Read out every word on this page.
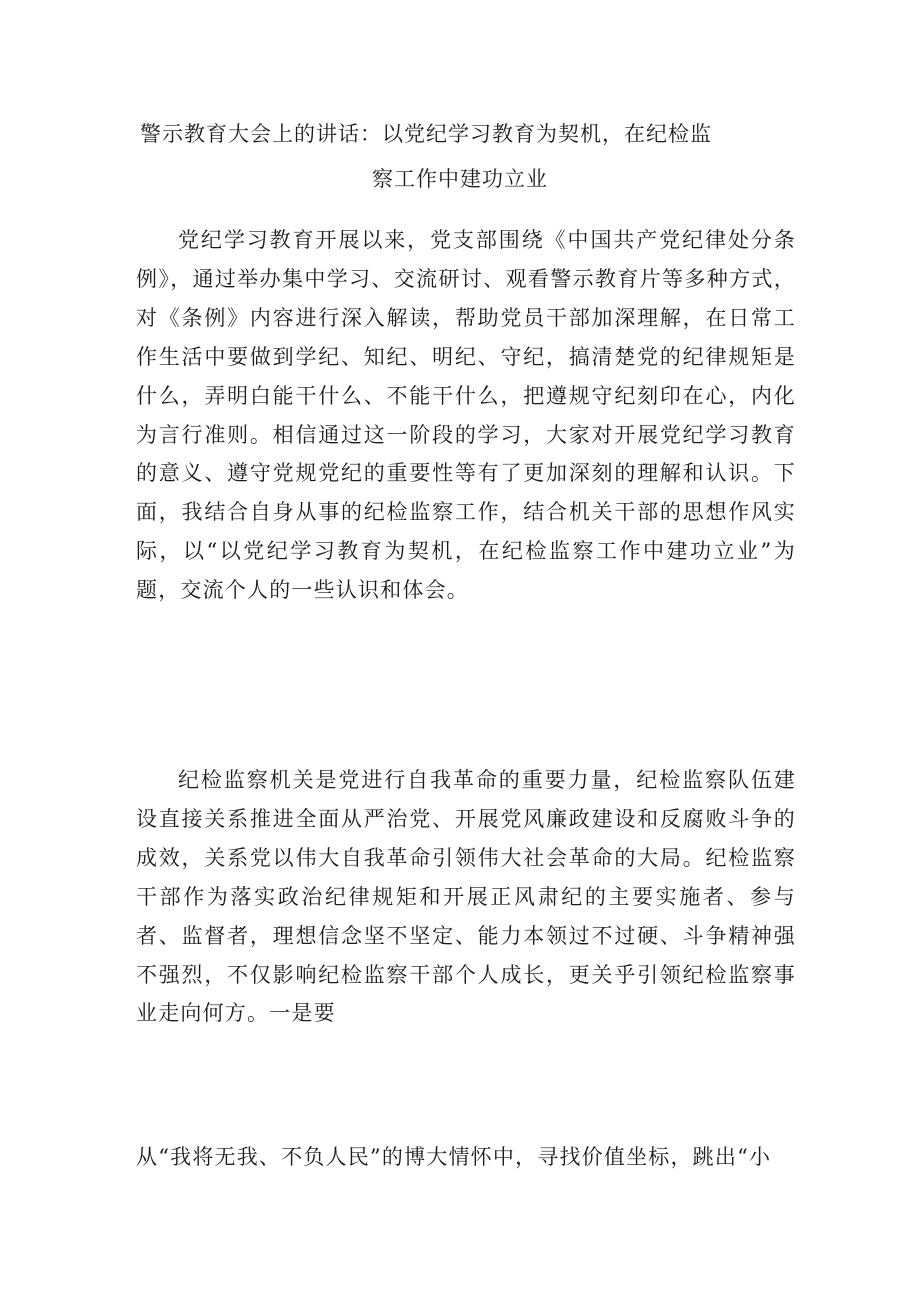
警示教育大会上的讲话：以党纪学习教育为契机，在纪检监
察工作中建功立业

党纪学习教育开展以来，党支部围绕《中国共产党纪律处分条例》，通过举办集中学习、交流研讨、观看警示教育片等多种方式，对《条例》内容进行深入解读，帮助党员干部加深理解，在日常工作生活中要做到学纪、知纪、明纪、守纪，搞清楚党的纪律规矩是什么，弄明白能干什么、不能干什么，把遵规守纪刻印在心，内化为言行准则。相信通过这一阶段的学习，大家对开展党纪学习教育的意义、遵守党规党纪的重要性等有了更加深刻的理解和认识。下面，我结合自身从事的纪检监察工作，结合机关干部的思想作风实际，以“以党纪学习教育为契机，在纪检监察工作中建功立业”为题，交流个人的一些认识和体会。

纪检监察机关是党进行自我革命的重要力量，纪检监察队伍建设直接关系推进全面从严治党、开展党风廉政建设和反腐败斗争的成效，关系党以伟大自我革命引领伟大社会革命的大局。纪检监察干部作为落实政治纪律规矩和开展正风肃纪的主要实施者、参与者、监督者，理想信念坚不坚定、能力本领过不过硬、斗争精神强不强烈，不仅影响纪检监察干部个人成长，更关乎引领纪检监察事业走向何方。一是要

从“我将无我、不负人民”的博大情怀中，寻找价值坐标，跳出“小
